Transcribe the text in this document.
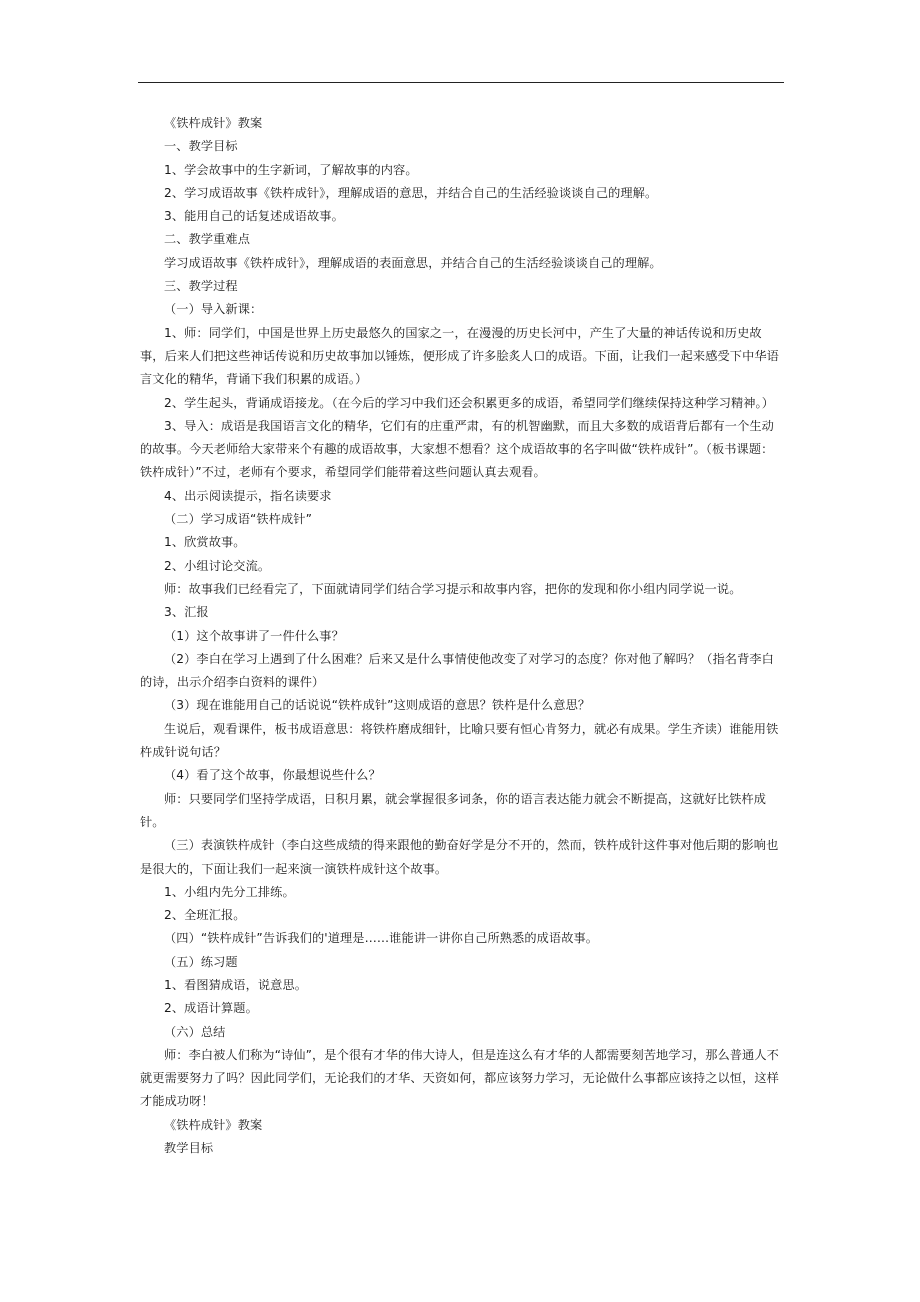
《铁杵成针》教案

一、教学目标

1、学会故事中的生字新词，了解故事的内容。

2、学习成语故事《铁杵成针》，理解成语的意思，并结合自己的生活经验谈谈自己的理解。

3、能用自己的话复述成语故事。

二、教学重难点

学习成语故事《铁杵成针》，理解成语的表面意思，并结合自己的生活经验谈谈自己的理解。

三、教学过程

（一）导入新课：

1、师：同学们，中国是世界上历史最悠久的国家之一，在漫漫的历史长河中，产生了大量的神话传说和历史故事，后来人们把这些神话传说和历史故事加以锤炼，便形成了许多脍炙人口的成语。下面，让我们一起来感受下中华语言文化的精华，背诵下我们积累的成语。）

2、学生起头，背诵成语接龙。（在今后的学习中我们还会积累更多的成语，希望同学们继续保持这种学习精神。）

3、导入：成语是我国语言文化的精华，它们有的庄重严肃，有的机智幽默，而且大多数的成语背后都有一个生动的故事。今天老师给大家带来个有趣的成语故事，大家想不想看？这个成语故事的名字叫做“铁杵成针”。（板书课题：铁杵成针）”不过，老师有个要求，希望同学们能带着这些问题认真去观看。

4、出示阅读提示，指名读要求

（二）学习成语“铁杵成针”

1、欣赏故事。

2、小组讨论交流。

师：故事我们已经看完了，下面就请同学们结合学习提示和故事内容，把你的发现和你小组内同学说一说。

3、汇报

（1）这个故事讲了一件什么事？

（2）李白在学习上遇到了什么困难？后来又是什么事情使他改变了对学习的态度？你对他了解吗？（指名背李白的诗，出示介绍李白资料的课件）

（3）现在谁能用自己的话说说“铁杵成针”这则成语的意思？铁杵是什么意思？

生说后，观看课件，板书成语意思：将铁杵磨成细针，比喻只要有恒心肯努力，就必有成果。学生齐读）谁能用铁杵成针说句话？

（4）看了这个故事，你最想说些什么？

师：只要同学们坚持学成语，日积月累，就会掌握很多词条，你的语言表达能力就会不断提高，这就好比铁杵成针。

（三）表演铁杵成针（李白这些成绩的得来跟他的勤奋好学是分不开的，然而，铁杵成针这件事对他后期的影响也是很大的，下面让我们一起来演一演铁杵成针这个故事。

1、小组内先分工排练。

2、全班汇报。

（四）“铁杵成针”告诉我们的'道理是……谁能讲一讲你自己所熟悉的成语故事。

（五）练习题

1、看图猜成语，说意思。

2、成语计算题。

（六）总结

师：李白被人们称为“诗仙”，是个很有才华的伟大诗人，但是连这么有才华的人都需要刻苦地学习，那么普通人不就更需要努力了吗？因此同学们，无论我们的才华、天资如何，都应该努力学习，无论做什么事都应该持之以恒，这样才能成功呀！

《铁杵成针》教案

教学目标
